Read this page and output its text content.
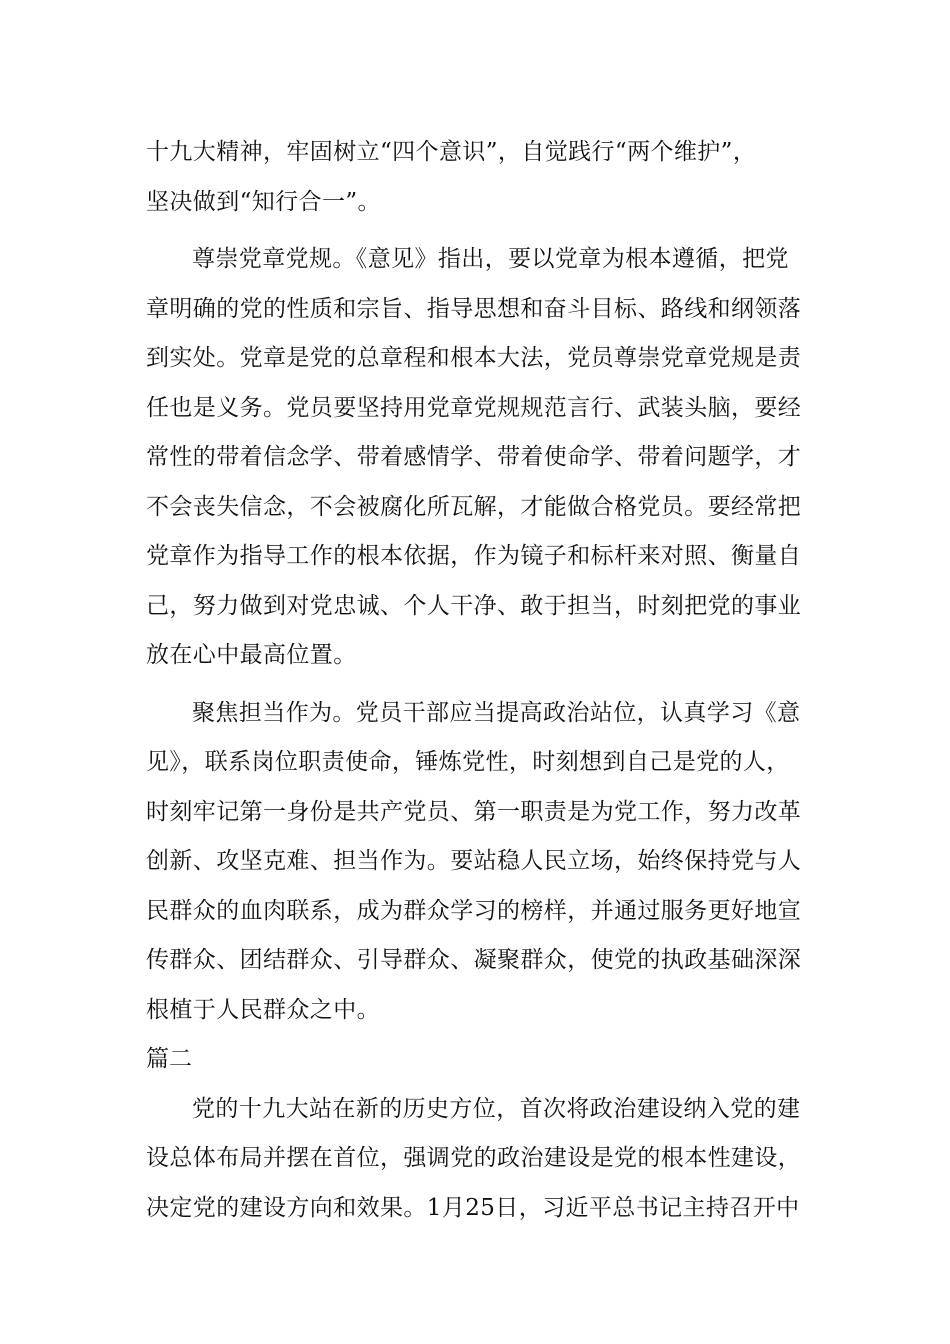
十九大精神，牢固树立“四个意识”，自觉践行“两个维护”，
坚决做到“知行合一”。
尊崇党章党规。《意见》指出，要以党章为根本遵循，把党
章明确的党的性质和宗旨、指导思想和奋斗目标、路线和纲领落
到实处。党章是党的总章程和根本大法，党员尊崇党章党规是责
任也是义务。党员要坚持用党章党规规范言行、武装头脑，要经
常性的带着信念学、带着感情学、带着使命学、带着问题学，才
不会丧失信念，不会被腐化所瓦解，才能做合格党员。要经常把
党章作为指导工作的根本依据，作为镜子和标杆来对照、衡量自
己，努力做到对党忠诚、个人干净、敢于担当，时刻把党的事业
放在心中最高位置。
聚焦担当作为。党员干部应当提高政治站位，认真学习《意
见》，联系岗位职责使命，锤炼党性，时刻想到自己是党的人，
时刻牢记第一身份是共产党员、第一职责是为党工作，努力改革
创新、攻坚克难、担当作为。要站稳人民立场，始终保持党与人
民群众的血肉联系，成为群众学习的榜样，并通过服务更好地宣
传群众、团结群众、引导群众、凝聚群众，使党的执政基础深深
根植于人民群众之中。
篇二
党的十九大站在新的历史方位，首次将政治建设纳入党的建
设总体布局并摆在首位，强调党的政治建设是党的根本性建设，
决定党的建设方向和效果。1月25日，习近平总书记主持召开中
